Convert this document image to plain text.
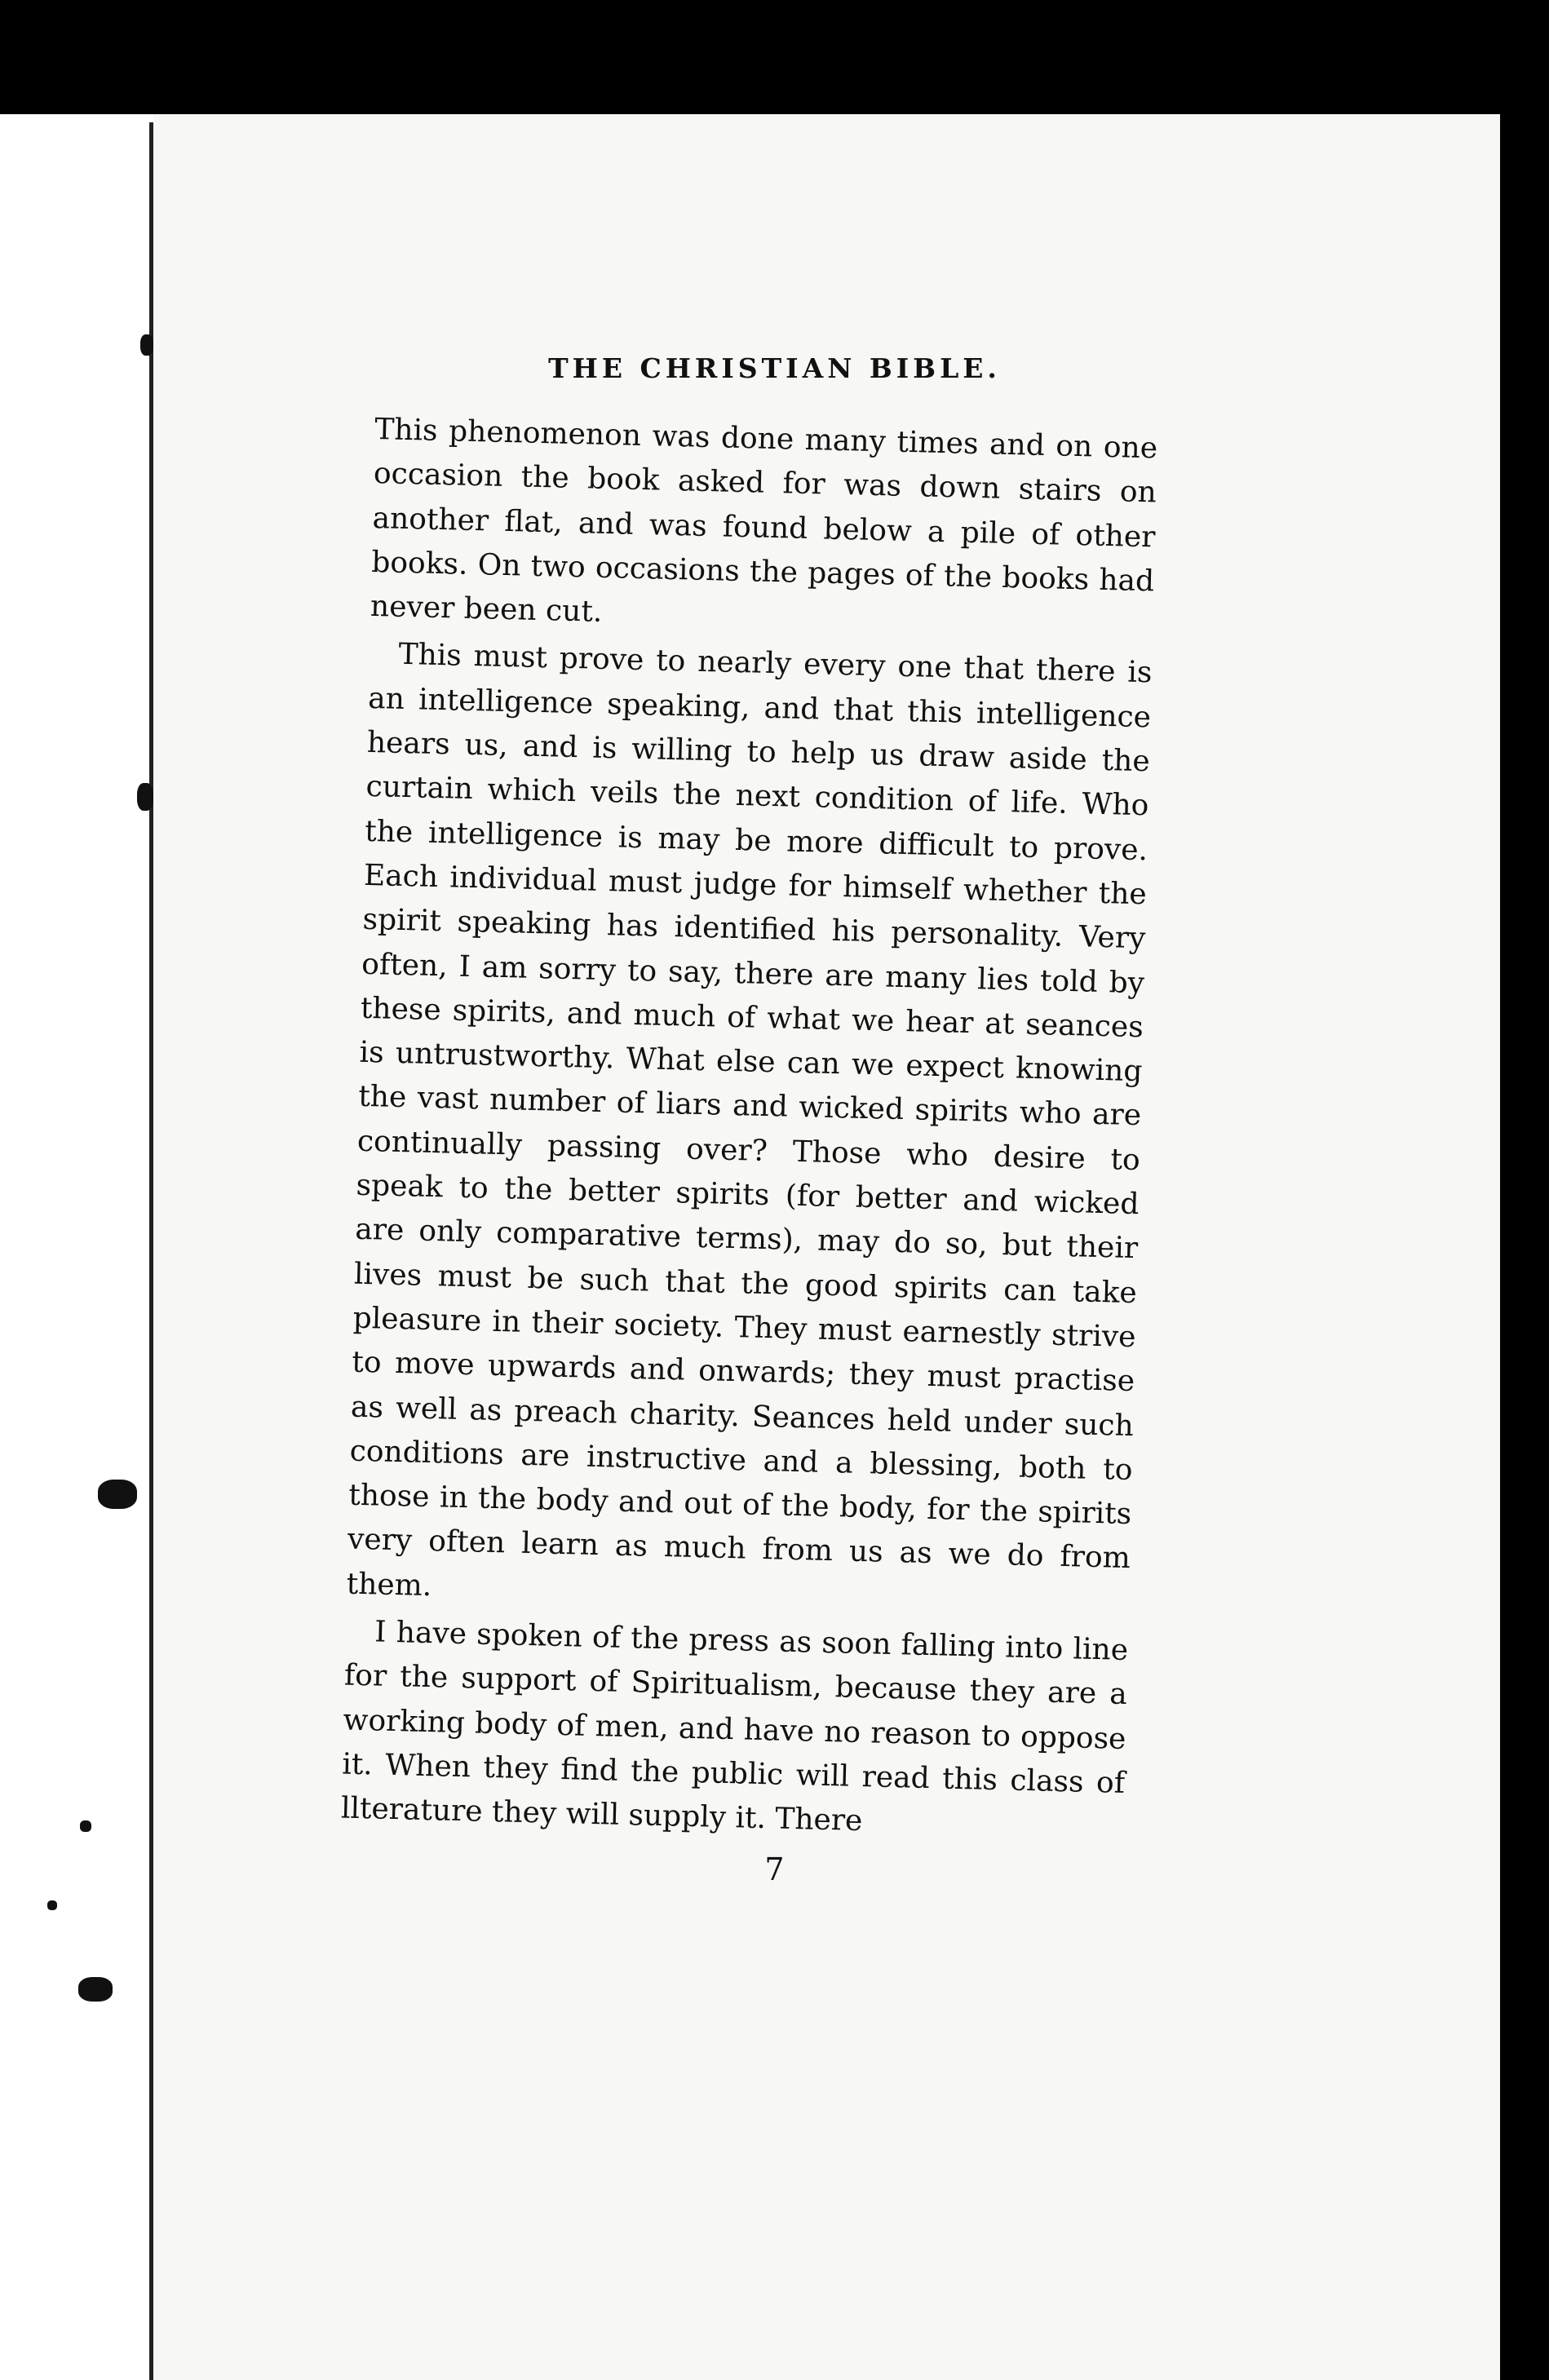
THE CHRISTIAN BIBLE.

This phenomenon was done many times and on one occasion the book asked for was down stairs on another flat, and was found below a pile of other books. On two occasions the pages of the books had never been cut.

This must prove to nearly every one that there is an intelligence speaking, and that this intelligence hears us, and is willing to help us draw aside the curtain which veils the next condition of life. Who the intelligence is may be more difficult to prove. Each individual must judge for himself whether the spirit speaking has identified his personality. Very often, I am sorry to say, there are many lies told by these spirits, and much of what we hear at seances is untrustworthy. What else can we expect knowing the vast number of liars and wicked spirits who are continually passing over? Those who desire to speak to the better spirits (for better and wicked are only comparative terms), may do so, but their lives must be such that the good spirits can take pleasure in their society. They must earnestly strive to move upwards and onwards; they must practise as well as preach charity. Seances held under such conditions are instructive and a blessing, both to those in the body and out of the body, for the spirits very often learn as much from us as we do from them.

I have spoken of the press as soon falling into line for the support of Spiritualism, because they are a working body of men, and have no reason to oppose it. When they find the public will read this class of llterature they will supply it. There

7
